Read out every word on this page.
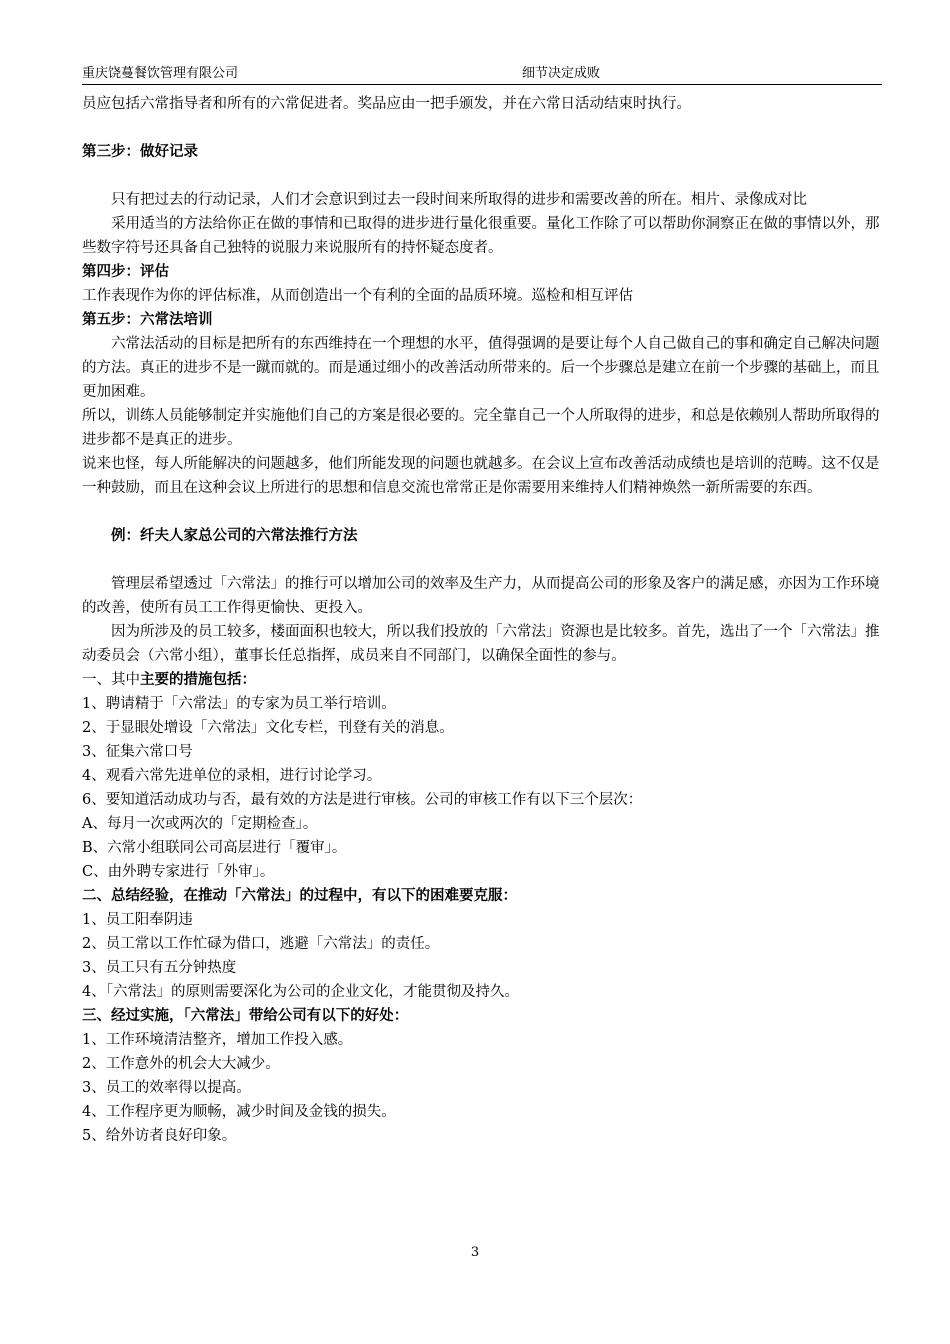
重庆饶蔓餐饮管理有限公司	细节决定成败

员应包括六常指导者和所有的六常促进者。奖品应由一把手颁发，并在六常日活动结束时执行。

第三步：做好记录

只有把过去的行动记录，人们才会意识到过去一段时间来所取得的进步和需要改善的所在。相片、录像成对比

采用适当的方法给你正在做的事情和已取得的进步进行量化很重要。量化工作除了可以帮助你洞察正在做的事情以外，那些数字符号还具备自己独特的说服力来说服所有的持怀疑态度者。

第四步：评估

工作表现作为你的评估标准，从而创造出一个有利的全面的品质环境。巡检和相互评估

第五步：六常法培训

六常法活动的目标是把所有的东西维持在一个理想的水平，值得强调的是要让每个人自己做自己的事和确定自己解决问题的方法。真正的进步不是一蹴而就的。而是通过细小的改善活动所带来的。后一个步骤总是建立在前一个步骤的基础上，而且更加困难。

所以，训练人员能够制定并实施他们自己的方案是很必要的。完全靠自己一个人所取得的进步，和总是依赖别人帮助所取得的进步都不是真正的进步。

说来也怪，每人所能解决的问题越多，他们所能发现的问题也就越多。在会议上宣布改善活动成绩也是培训的范畴。这不仅是一种鼓励，而且在这种会议上所进行的思想和信息交流也常常正是你需要用来维持人们精神焕然一新所需要的东西。

例：纤夫人家总公司的六常法推行方法

管理层希望透过「六常法」的推行可以增加公司的效率及生产力，从而提高公司的形象及客户的满足感，亦因为工作环境的改善，使所有员工工作得更愉快、更投入。

因为所涉及的员工较多，楼面面积也较大，所以我们投放的「六常法」资源也是比较多。首先，选出了一个「六常法」推动委员会（六常小组），董事长任总指挥，成员来自不同部门，以确保全面性的参与。

一、其中主要的措施包括：

1、聘请精于「六常法」的专家为员工举行培训。

2、于显眼处增设「六常法」文化专栏，刊登有关的消息。

3、征集六常口号

4、观看六常先进单位的录相，进行讨论学习。

6、要知道活动成功与否，最有效的方法是进行审核。公司的审核工作有以下三个层次：

A、每月一次或两次的「定期检查」。

B、六常小组联同公司高层进行「覆审」。

C、由外聘专家进行「外审」。

二、总结经验，在推动「六常法」的过程中，有以下的困难要克服：

1、员工阳奉阴违

2、员工常以工作忙碌为借口，逃避「六常法」的责任。

3、员工只有五分钟热度

4、「六常法」的原则需要深化为公司的企业文化，才能贯彻及持久。

三、经过实施，「六常法」带给公司有以下的好处：

1、工作环境清洁整齐，增加工作投入感。

2、工作意外的机会大大减少。

3、员工的效率得以提高。

4、工作程序更为顺畅，减少时间及金钱的损失。

5、给外访者良好印象。

3
